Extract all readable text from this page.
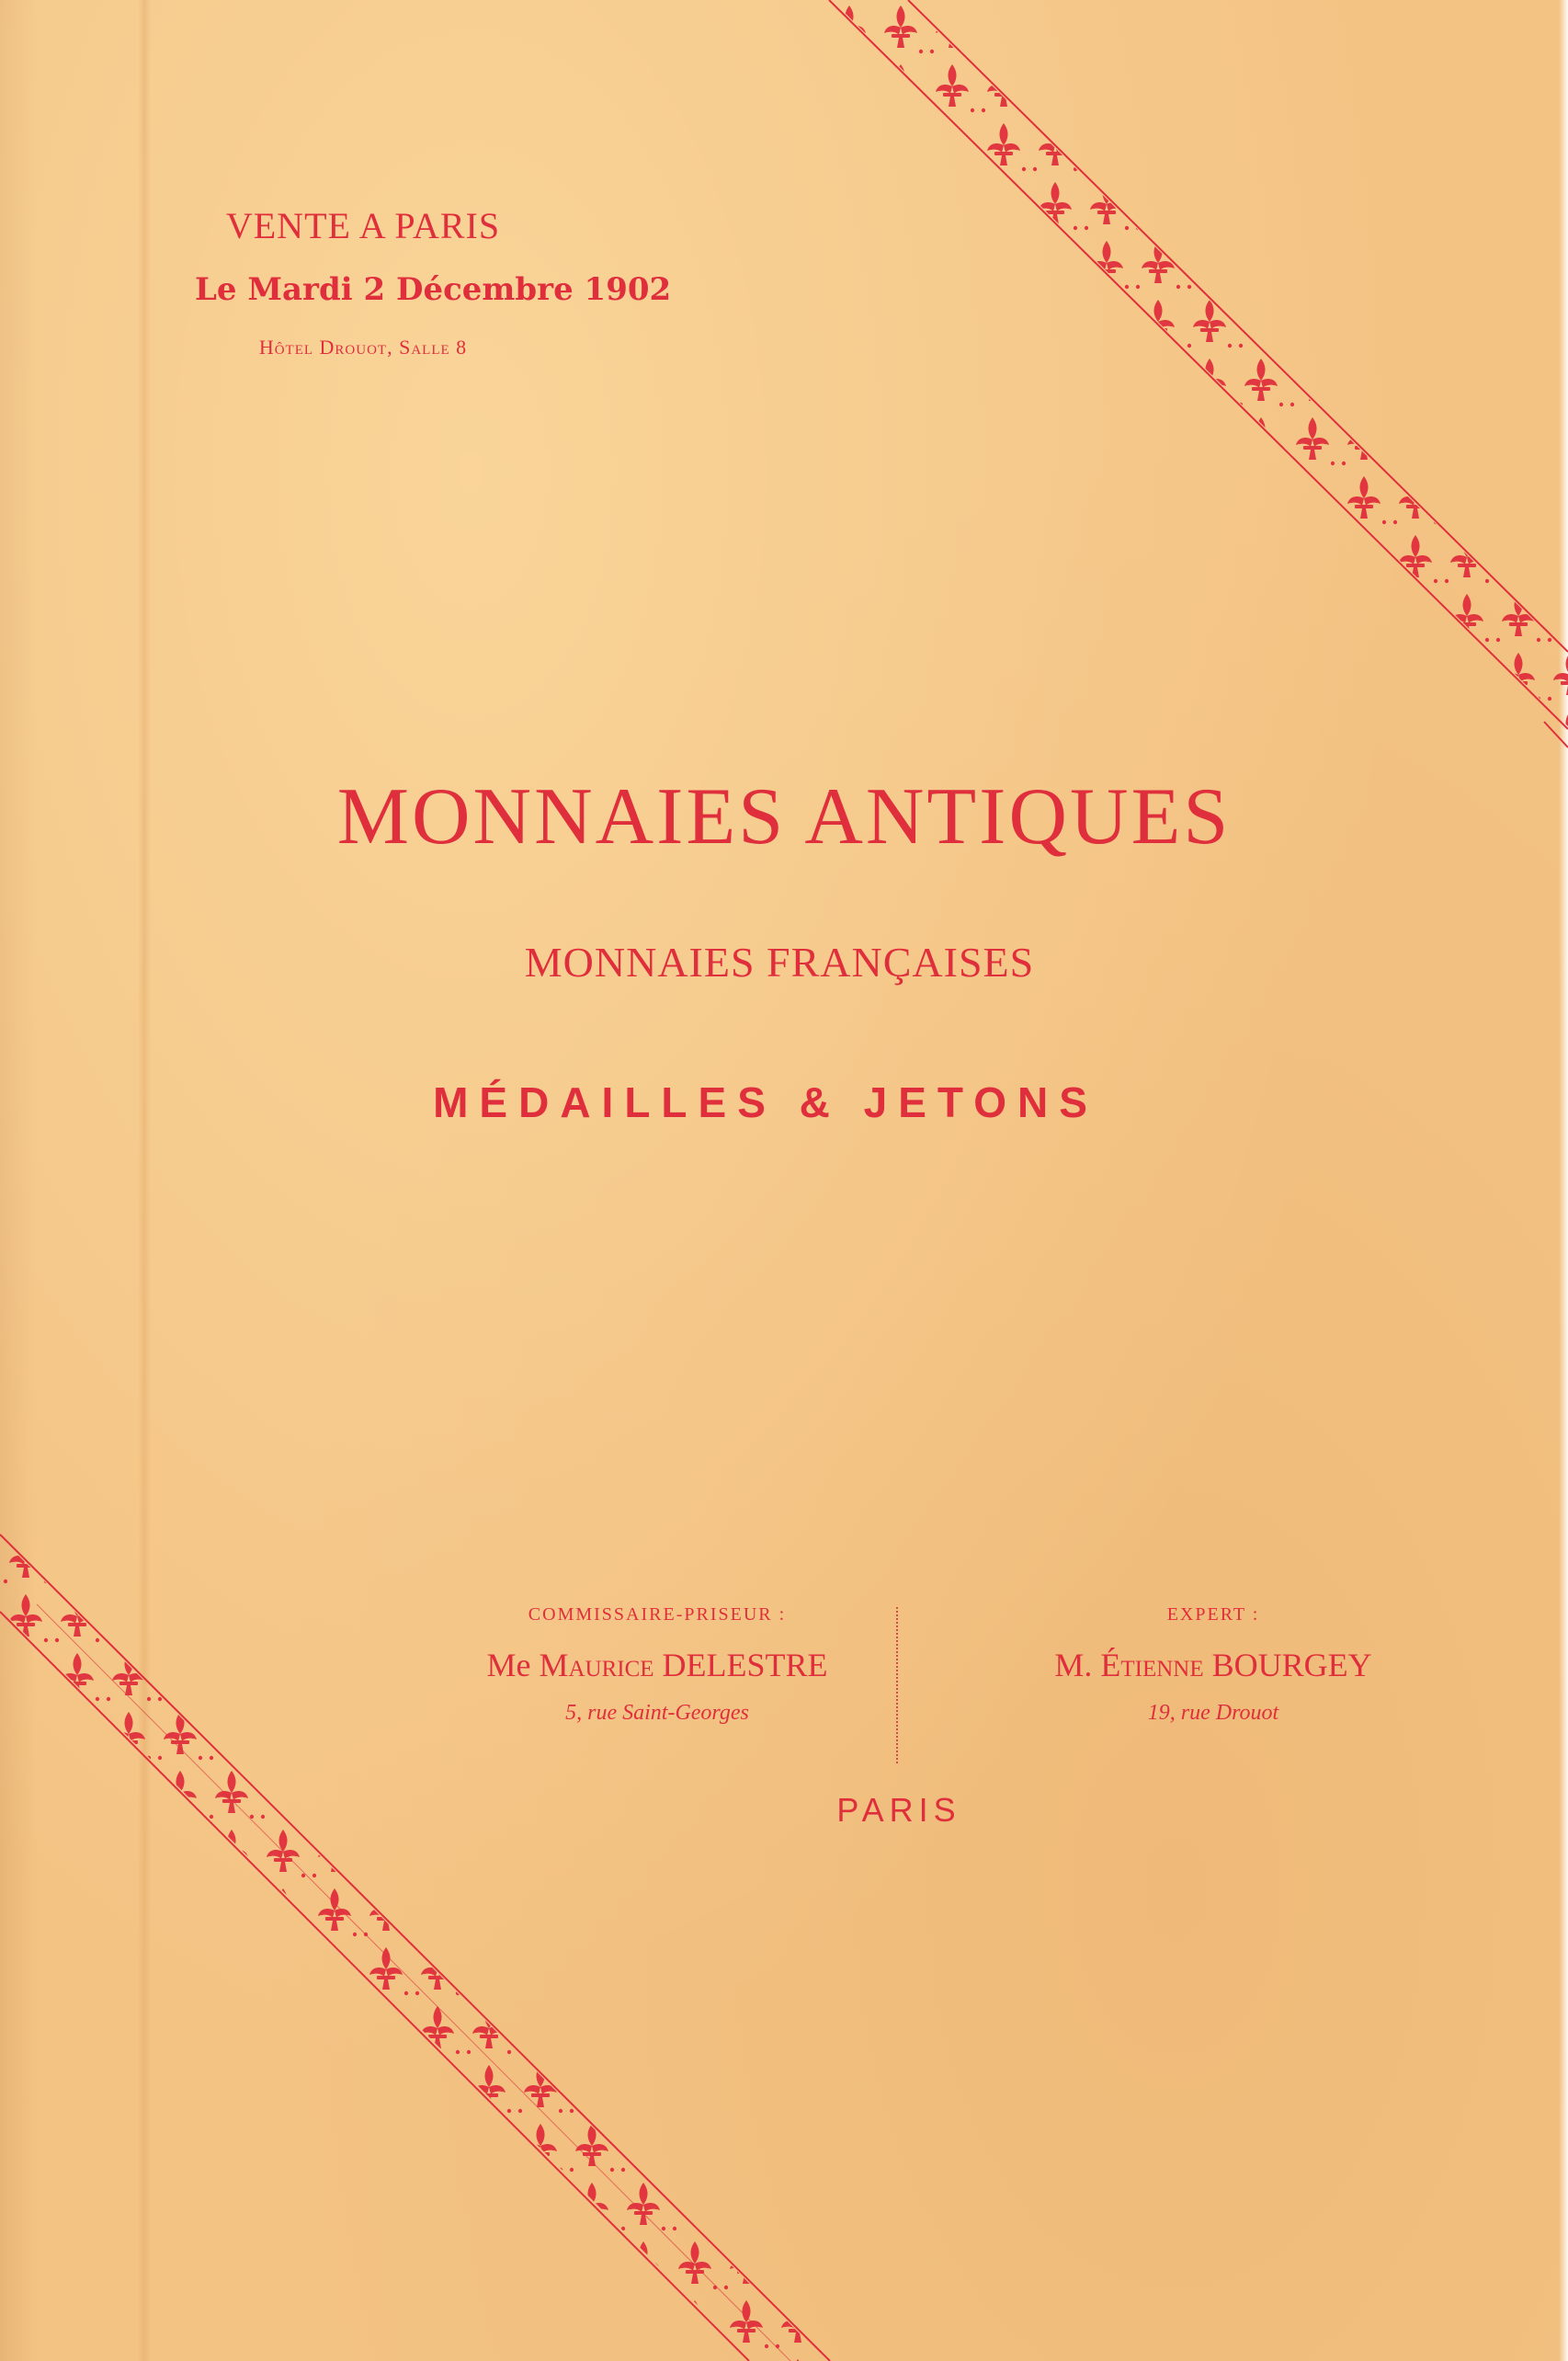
VENTE A PARIS
Le Mardi 2 Décembre 1902
Hôtel Drouot, Salle 8
MONNAIES ANTIQUES
MONNAIES FRANÇAISES
MÉDAILLES & JETONS
COMMISSAIRE-PRISEUR :
Me Maurice DELESTRE
5, rue Saint-Georges
EXPERT :
M. Étienne BOURGEY
19, rue Drouot
PARIS
